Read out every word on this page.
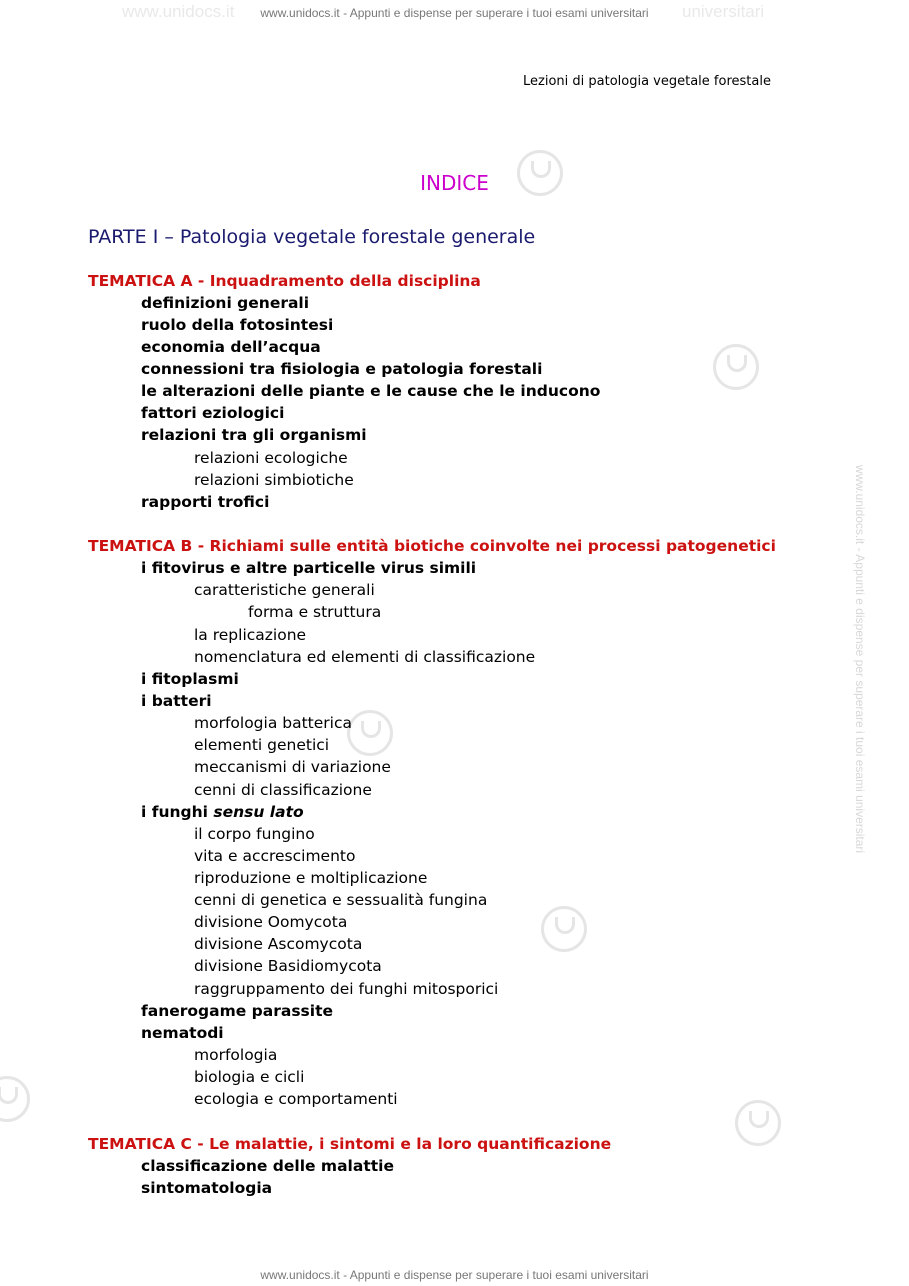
www.unidocs.it	universitari
www.unidocs.it - Appunti e dispense per superare i tuoi esami universitari
www.unidocs.it - Appunti e dispense per superare i tuoi esami universitari
www.unidocs.it - Appunti e dispense per superare i tuoi esami universitari
Lezioni di patologia vegetale forestale
INDICE
PARTE I – Patologia vegetale forestale generale
TEMATICA A - Inquadramento della disciplina
definizioni generali
ruolo della fotosintesi
economia dell’acqua
connessioni tra fisiologia e patologia forestali
le alterazioni delle piante e le cause che le inducono
fattori eziologici
relazioni tra gli organismi
relazioni ecologiche
relazioni simbiotiche
rapporti trofici
TEMATICA B - Richiami sulle entità biotiche coinvolte nei processi patogenetici
i fitovirus e altre particelle virus simili
caratteristiche generali
forma e struttura
la replicazione
nomenclatura ed elementi di classificazione
i fitoplasmi
i batteri
morfologia batterica
elementi genetici
meccanismi di variazione
cenni di classificazione
i funghi sensu lato
il corpo fungino
vita e accrescimento
riproduzione e moltiplicazione
cenni di genetica e sessualità fungina
divisione Oomycota
divisione Ascomycota
divisione Basidiomycota
raggruppamento dei funghi mitosporici
fanerogame parassite
nematodi
morfologia
biologia e cicli
ecologia e comportamenti
TEMATICA C - Le malattie, i sintomi e la loro quantificazione
classificazione delle malattie
sintomatologia
